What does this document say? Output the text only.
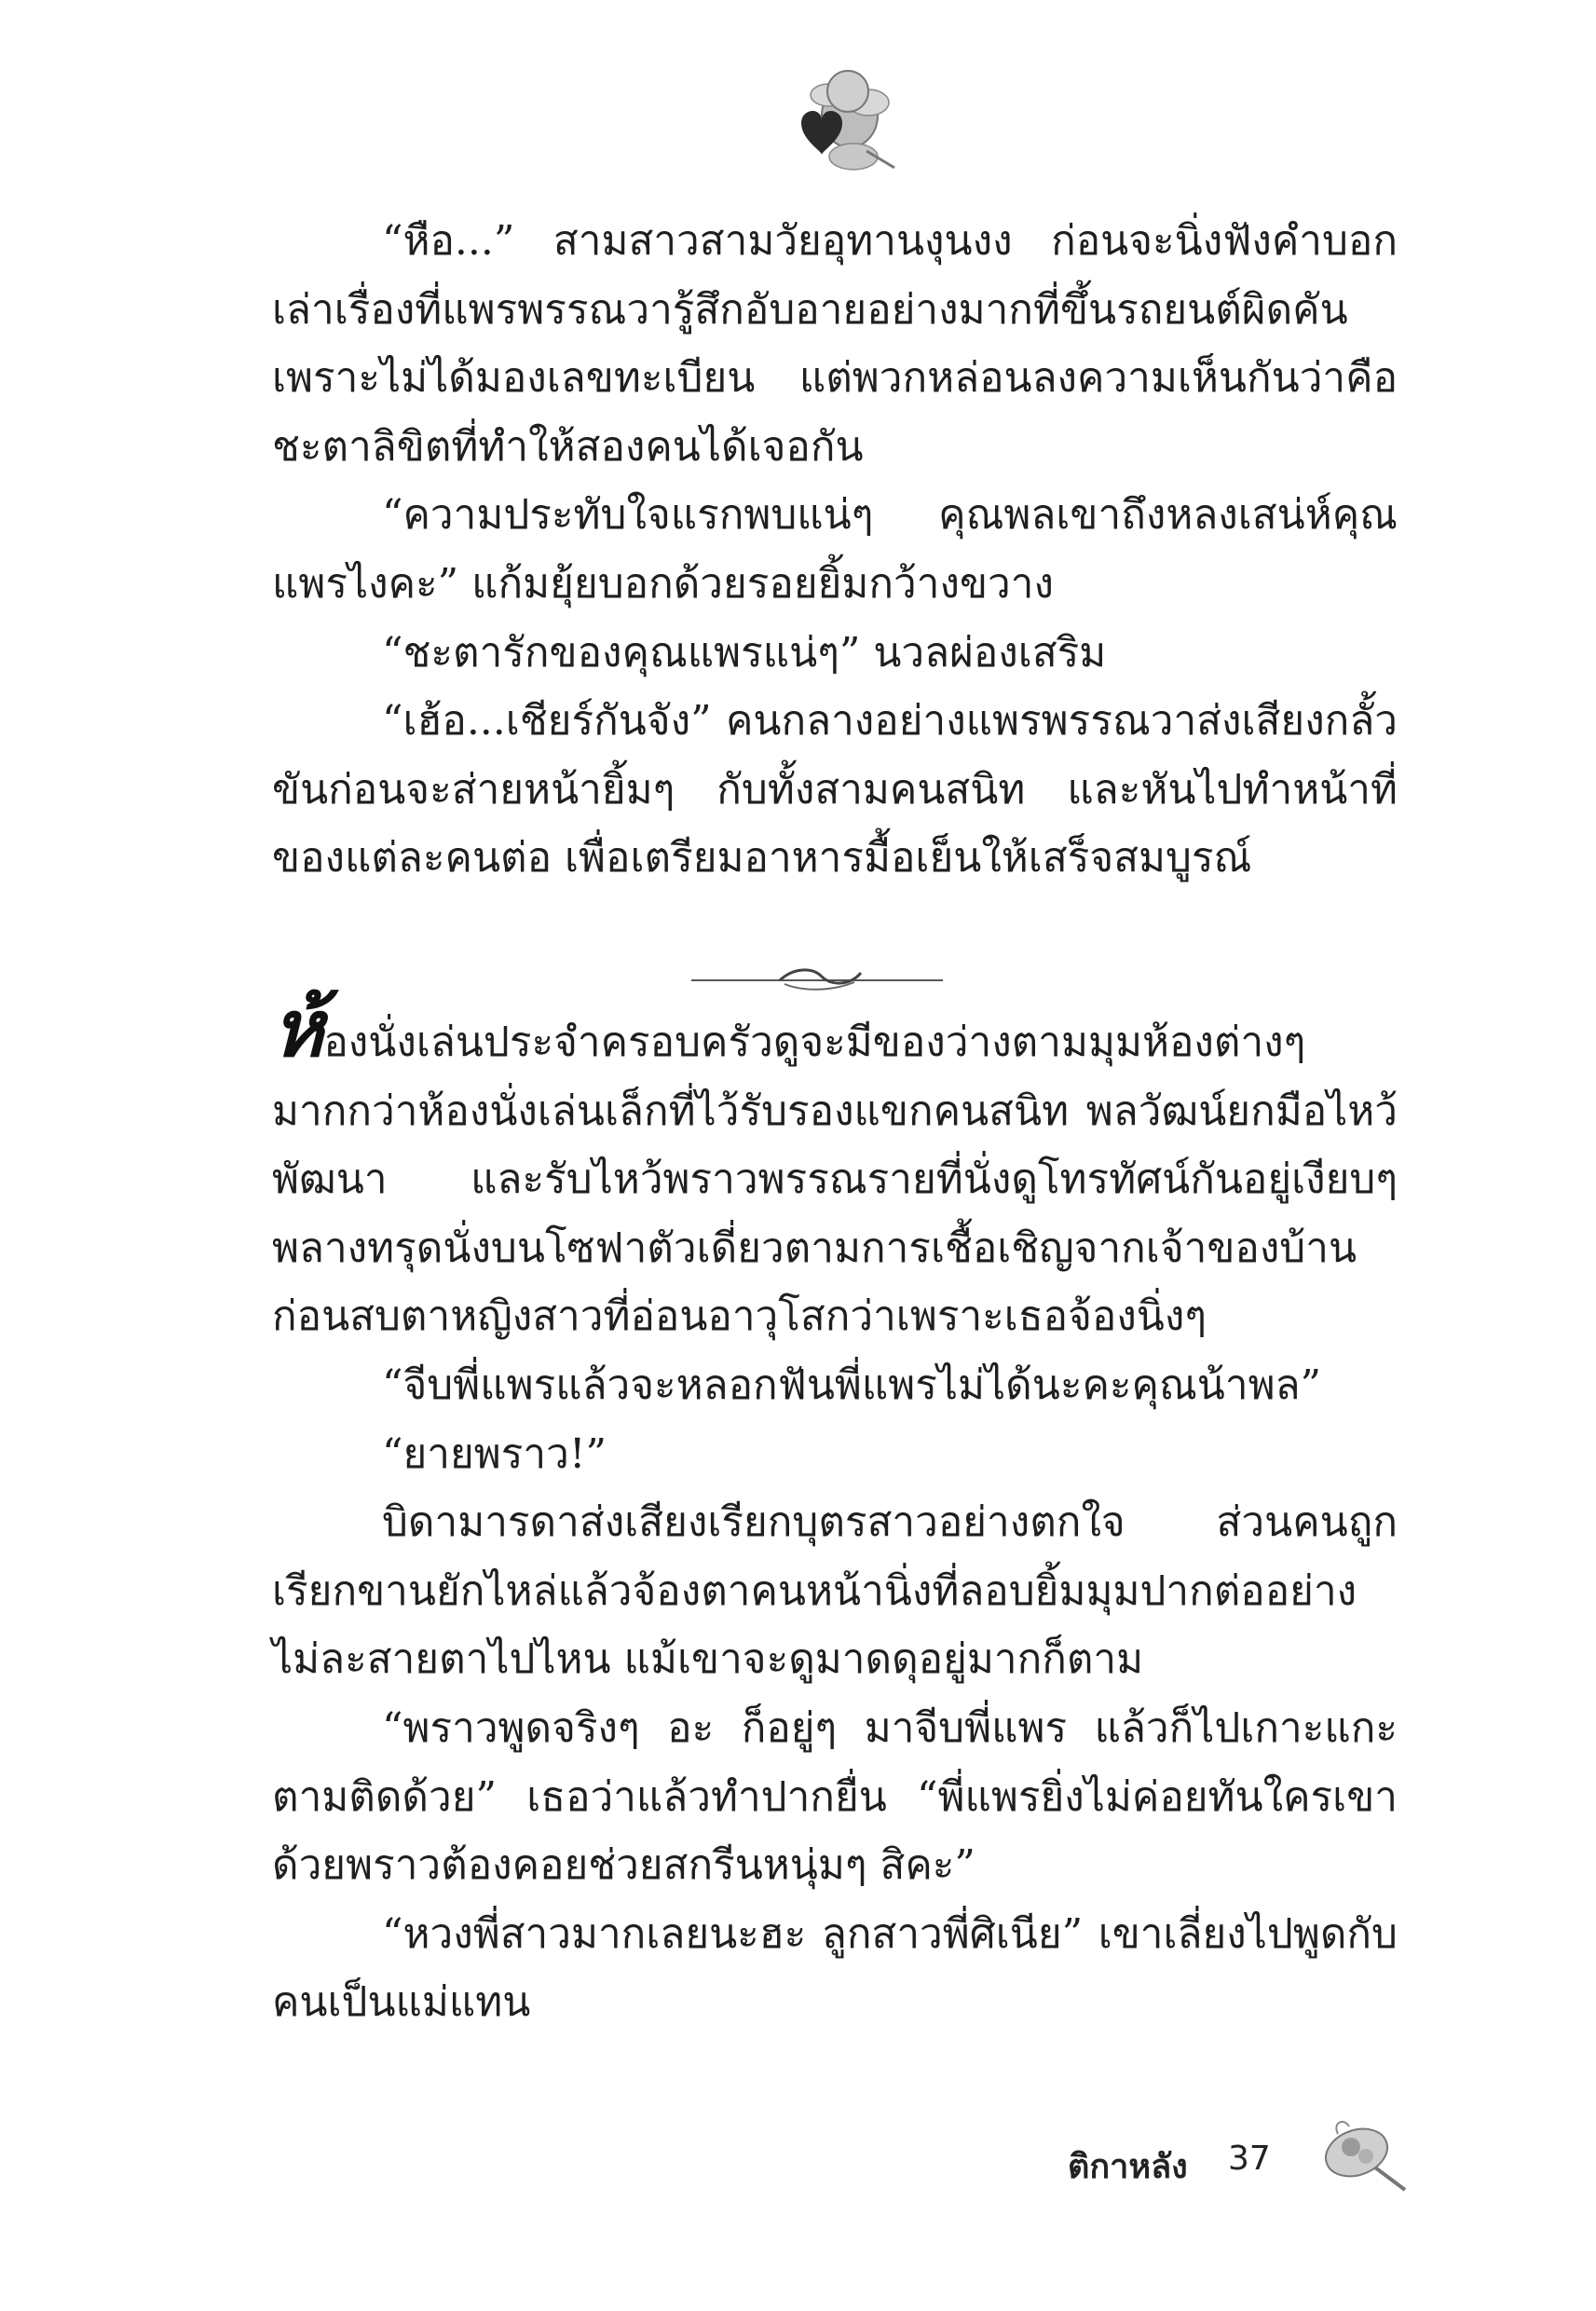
“หือ...” สามสาวสามวัยอุทานงุนงง ก่อนจะนิ่งฟังคำบอกเล่าเรื่องที่แพรพรรณวารู้สึกอับอายอย่างมากที่ขึ้นรถยนต์ผิดคันเพราะไม่ได้มองเลขทะเบียน แต่พวกหล่อนลงความเห็นกันว่าคือชะตาลิขิตที่ทำให้สองคนได้เจอกัน

“ความประทับใจแรกพบแน่ๆ คุณพลเขาถึงหลงเสน่ห์คุณแพรไงคะ” แก้มยุ้ยบอกด้วยรอยยิ้มกว้างขวาง

“ชะตารักของคุณแพรแน่ๆ” นวลผ่องเสริม

“เฮ้อ...เชียร์กันจัง” คนกลางอย่างแพรพรรณวาส่งเสียงกลั้วขันก่อนจะส่ายหน้ายิ้มๆ กับทั้งสามคนสนิท และหันไปทำหน้าที่ของแต่ละคนต่อ เพื่อเตรียมอาหารมื้อเย็นให้เสร็จสมบูรณ์

ห้องนั่งเล่นประจำครอบครัวดูจะมีของว่างตามมุมห้องต่างๆ มากกว่าห้องนั่งเล่นเล็กที่ไว้รับรองแขกคนสนิท พลวัฒน์ยกมือไหว้พัฒนา และรับไหว้พราวพรรณรายที่นั่งดูโทรทัศน์กันอยู่เงียบๆ พลางทรุดนั่งบนโซฟาตัวเดี่ยวตามการเชื้อเชิญจากเจ้าของบ้าน ก่อนสบตาหญิงสาวที่อ่อนอาวุโสกว่าเพราะเธอจ้องนิ่งๆ

“จีบพี่แพรแล้วจะหลอกฟันพี่แพรไม่ได้นะคะคุณน้าพล”

“ยายพราว!”

บิดามารดาส่งเสียงเรียกบุตรสาวอย่างตกใจ ส่วนคนถูกเรียกขานยักไหล่แล้วจ้องตาคนหน้านิ่งที่ลอบยิ้มมุมปากต่ออย่างไม่ละสายตาไปไหน แม้เขาจะดูมาดดุอยู่มากก็ตาม

“พราวพูดจริงๆ อะ ก็อยู่ๆ มาจีบพี่แพร แล้วก็ไปเกาะแกะตามติดด้วย” เธอว่าแล้วทำปากยื่น “พี่แพรยิ่งไม่ค่อยทันใครเขาด้วยพราวต้องคอยช่วยสกรีนหนุ่มๆ สิคะ”

“หวงพี่สาวมากเลยนะฮะ ลูกสาวพี่ศิเนีย” เขาเลี่ยงไปพูดกับคนเป็นแม่แทน

ติกาหลัง 37
